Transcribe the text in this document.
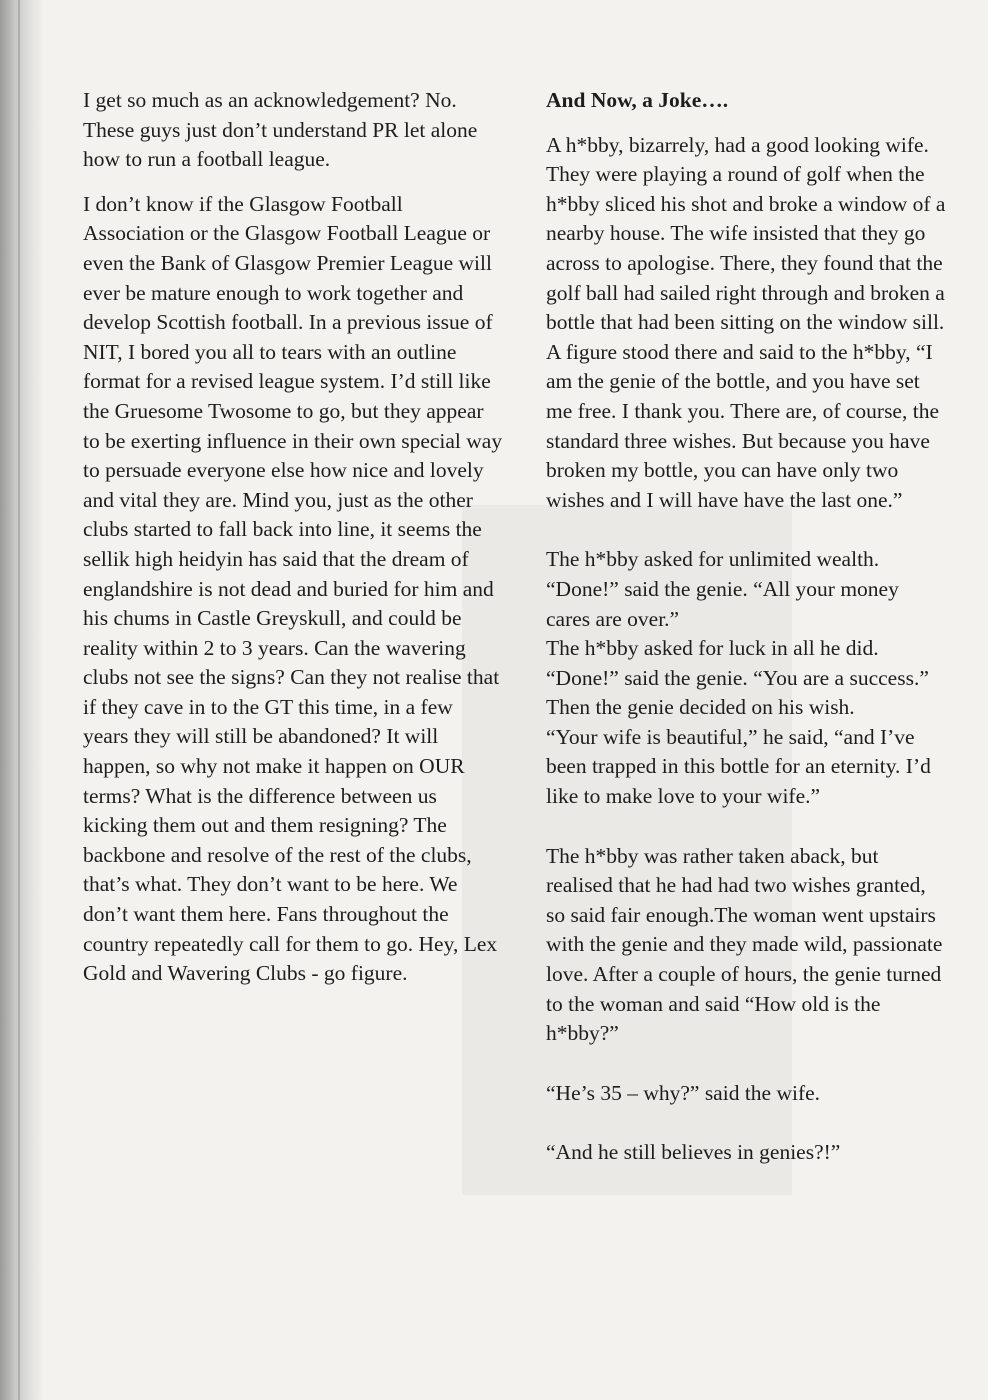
I get so much as an acknowledgement? No. These guys just don’t understand PR let alone how to run a football league.

I don’t know if the Glasgow Football Association or the Glasgow Football League or even the Bank of Glasgow Premier League will ever be mature enough to work together and develop Scottish football. In a previous issue of NIT, I bored you all to tears with an outline format for a revised league system. I’d still like the Gruesome Twosome to go, but they appear to be exerting influence in their own special way to persuade everyone else how nice and lovely and vital they are. Mind you, just as the other clubs started to fall back into line, it seems the sellik high heidyin has said that the dream of englandshire is not dead and buried for him and his chums in Castle Greyskull, and could be reality within 2 to 3 years. Can the wavering clubs not see the signs? Can they not realise that if they cave in to the GT this time, in a few years they will still be abandoned? It will happen, so why not make it happen on OUR terms? What is the difference between us kicking them out and them resigning? The backbone and resolve of the rest of the clubs, that’s what. They don’t want to be here. We don’t want them here. Fans throughout the country repeatedly call for them to go. Hey, Lex Gold and Wavering Clubs - go figure.

And Now, a Joke….

A h*bby, bizarrely, had a good looking wife. They were playing a round of golf when the h*bby sliced his shot and broke a window of a nearby house. The wife insisted that they go across to apologise. There, they found that the golf ball had sailed right through and broken a bottle that had been sitting on the window sill. A figure stood there and said to the h*bby, “I am the genie of the bottle, and you have set me free. I thank you. There are, of course, the standard three wishes. But because you have broken my bottle, you can have only two wishes and I will have have the last one.”

The h*bby asked for unlimited wealth.

“Done!” said the genie. “All your money cares are over.”

The h*bby asked for luck in all he did.

“Done!” said the genie. “You are a success.”

Then the genie decided on his wish.

“Your wife is beautiful,” he said, “and I’ve been trapped in this bottle for an eternity. I’d like to make love to your wife.”

The h*bby was rather taken aback, but realised that he had had two wishes granted, so said fair enough.The woman went upstairs with the genie and they made wild, passionate love. After a couple of hours, the genie turned to the woman and said “How old is the h*bby?”

“He’s 35 – why?” said the wife.

“And he still believes in genies?!”
